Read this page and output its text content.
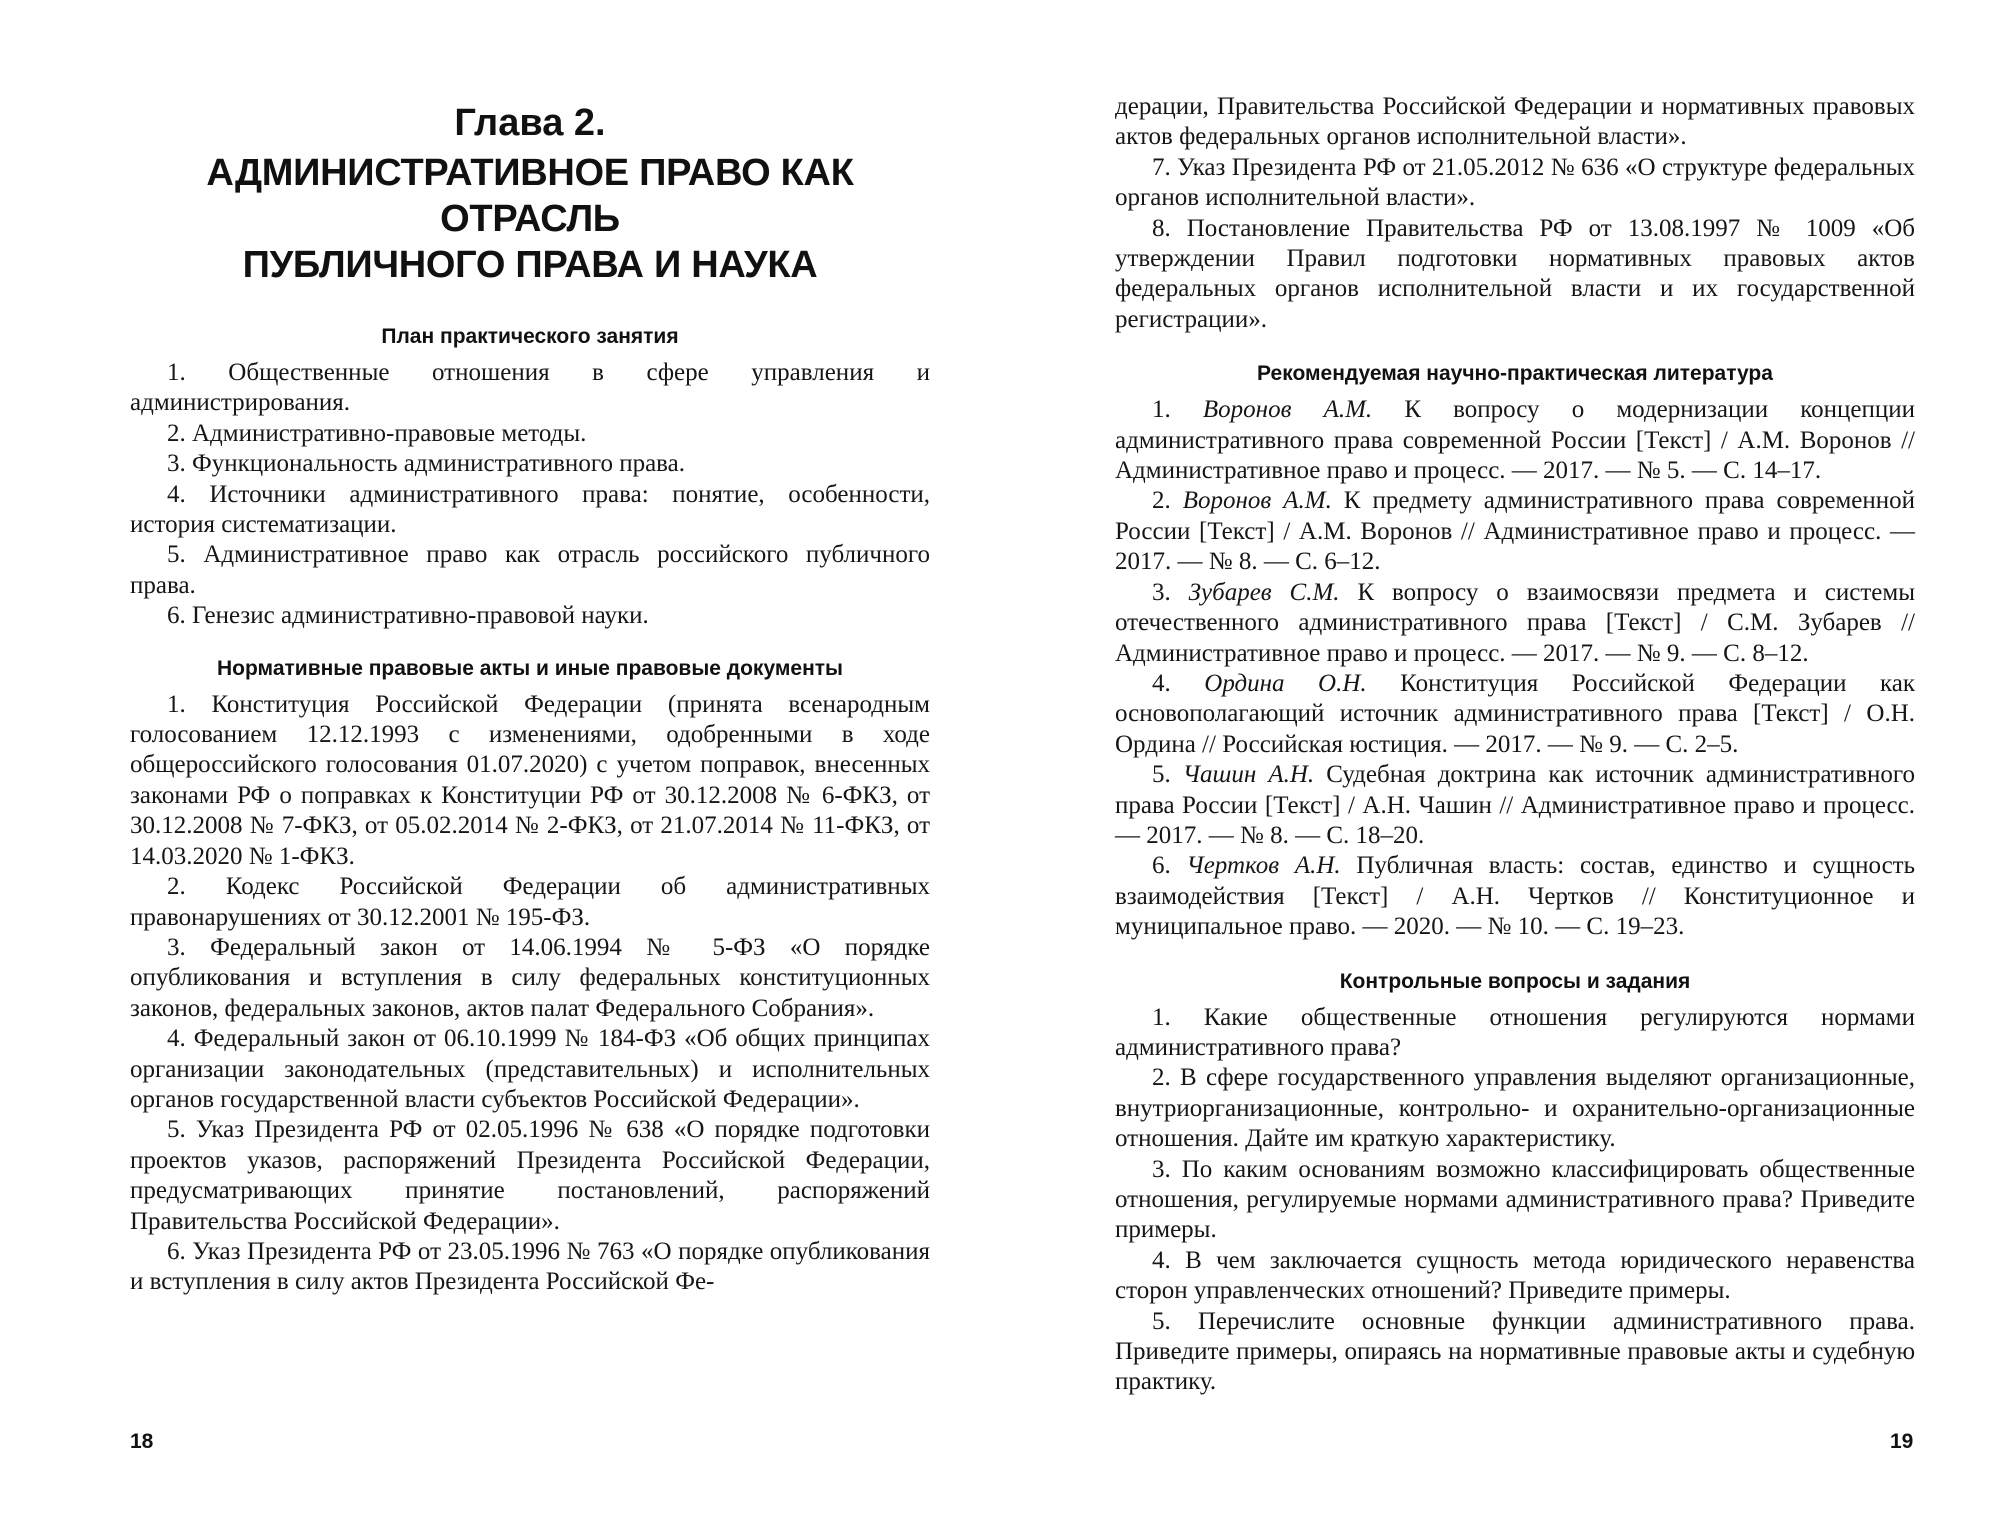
Глава 2.
АДМИНИСТРАТИВНОЕ ПРАВО КАК ОТРАСЛЬ
ПУБЛИЧНОГО ПРАВА И НАУКА
План практического занятия
1. Общественные отношения в сфере управления и администрирования.
2. Административно-правовые методы.
3. Функциональность административного права.
4. Источники административного права: понятие, особенности, история систематизации.
5. Административное право как отрасль российского публичного права.
6. Генезис административно-правовой науки.
Нормативные правовые акты и иные правовые документы
1. Конституция Российской Федерации (принята всенародным голосованием 12.12.1993 с изменениями, одобренными в ходе общероссийского голосования 01.07.2020) с учетом поправок, внесенных законами РФ о поправках к Конституции РФ от 30.12.2008 № 6-ФКЗ, от 30.12.2008 № 7-ФКЗ, от 05.02.2014 № 2-ФКЗ, от 21.07.2014 № 11-ФКЗ, от 14.03.2020 № 1-ФКЗ.
2. Кодекс Российской Федерации об административных правонарушениях от 30.12.2001 № 195-ФЗ.
3. Федеральный закон от 14.06.1994 № 5-ФЗ «О порядке опубликования и вступления в силу федеральных конституционных законов, федеральных законов, актов палат Федерального Собрания».
4. Федеральный закон от 06.10.1999 № 184-ФЗ «Об общих принципах организации законодательных (представительных) и исполнительных органов государственной власти субъектов Российской Федерации».
5. Указ Президента РФ от 02.05.1996 № 638 «О порядке подготовки проектов указов, распоряжений Президента Российской Федерации, предусматривающих принятие постановлений, распоряжений Правительства Российской Федерации».
6. Указ Президента РФ от 23.05.1996 № 763 «О порядке опубликования и вступления в силу актов Президента Российской Фе-
18
дерации, Правительства Российской Федерации и нормативных правовых актов федеральных органов исполнительной власти».
7. Указ Президента РФ от 21.05.2012 № 636 «О структуре федеральных органов исполнительной власти».
8. Постановление Правительства РФ от 13.08.1997 № 1009 «Об утверждении Правил подготовки нормативных правовых актов федеральных органов исполнительной власти и их государственной регистрации».
Рекомендуемая научно-практическая литература
1. Воронов А.М. К вопросу о модернизации концепции административного права современной России [Текст] / А.М. Воронов // Административное право и процесс. — 2017. — № 5. — С. 14–17.
2. Воронов А.М. К предмету административного права современной России [Текст] / А.М. Воронов // Административное право и процесс. — 2017. — № 8. — С. 6–12.
3. Зубарев С.М. К вопросу о взаимосвязи предмета и системы отечественного административного права [Текст] / С.М. Зубарев // Административное право и процесс. — 2017. — № 9. — С. 8–12.
4. Ордина О.Н. Конституция Российской Федерации как основополагающий источник административного права [Текст] / О.Н. Ордина // Российская юстиция. — 2017. — № 9. — С. 2–5.
5. Чашин А.Н. Судебная доктрина как источник административного права России [Текст] / А.Н. Чашин // Административное право и процесс. — 2017. — № 8. — С. 18–20.
6. Чертков А.Н. Публичная власть: состав, единство и сущность взаимодействия [Текст] / А.Н. Чертков // Конституционное и муниципальное право. — 2020. — № 10. — С. 19–23.
Контрольные вопросы и задания
1. Какие общественные отношения регулируются нормами административного права?
2. В сфере государственного управления выделяют организационные, внутриорганизационные, контрольно- и охранительно-организационные отношения. Дайте им краткую характеристику.
3. По каким основаниям возможно классифицировать общественные отношения, регулируемые нормами административного права? Приведите примеры.
4. В чем заключается сущность метода юридического неравенства сторон управленческих отношений? Приведите примеры.
5. Перечислите основные функции административного права. Приведите примеры, опираясь на нормативные правовые акты и судебную практику.
19
